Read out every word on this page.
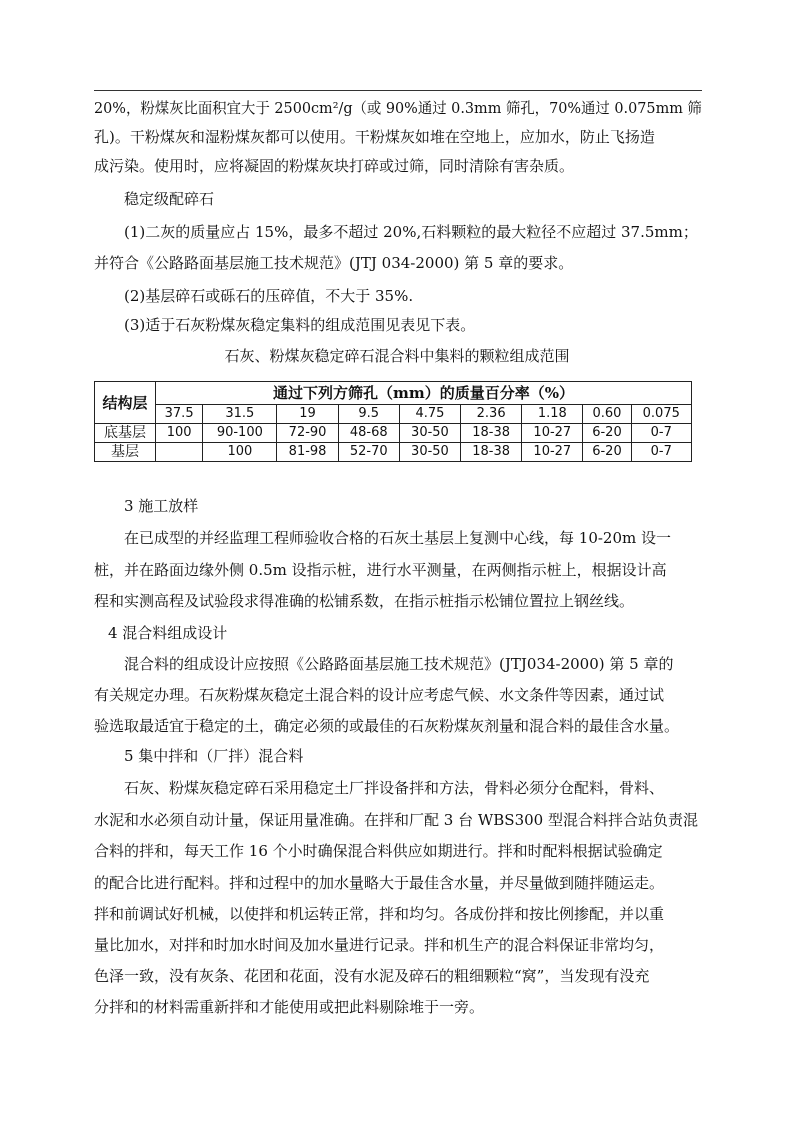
20%，粉煤灰比面积宜大于 2500cm²/g（或 90%通过 0.3mm 筛孔，70%通过 0.075mm 筛
孔)。干粉煤灰和湿粉煤灰都可以使用。干粉煤灰如堆在空地上，应加水，防止飞扬造
成污染。使用时，应将凝固的粉煤灰块打碎或过筛，同时清除有害杂质。
稳定级配碎石
(1)二灰的质量应占 15%，最多不超过 20%,石料颗粒的最大粒径不应超过 37.5mm；
并符合《公路路面基层施工技术规范》(JTJ 034-2000) 第 5 章的要求。
(2)基层碎石或砾石的压碎值，不大于 35%.
(3)适于石灰粉煤灰稳定集料的组成范围见表见下表。
石灰、粉煤灰稳定碎石混合料中集料的颗粒组成范围
结构层	通过下列方筛孔（mm）的质量百分率（%）								
	37.5	31.5	19	9.5	4.75	2.36	1.18	0.60	0.075
底基层	100	90-100	72-90	48-68	30-50	18-38	10-27	6-20	0-7
基层		100	81-98	52-70	30-50	18-38	10-27	6-20	0-7
3 施工放样
在已成型的并经监理工程师验收合格的石灰土基层上复测中心线，每 10-20m 设一
桩，并在路面边缘外侧 0.5m 设指示桩，进行水平测量，在两侧指示桩上，根据设计高
程和实测高程及试验段求得准确的松铺系数，在指示桩指示松铺位置拉上钢丝线。
4 混合料组成设计
混合料的组成设计应按照《公路路面基层施工技术规范》(JTJ034-2000) 第 5 章的
有关规定办理。石灰粉煤灰稳定土混合料的设计应考虑气候、水文条件等因素，通过试
验选取最适宜于稳定的土，确定必须的或最佳的石灰粉煤灰剂量和混合料的最佳含水量。
5 集中拌和（厂拌）混合料
石灰、粉煤灰稳定碎石采用稳定土厂拌设备拌和方法，骨料必须分仓配料，骨料、
水泥和水必须自动计量，保证用量准确。在拌和厂配 3 台 WBS300 型混合料拌合站负责混
合料的拌和，每天工作 16 个小时确保混合料供应如期进行。拌和时配料根据试验确定
的配合比进行配料。拌和过程中的加水量略大于最佳含水量，并尽量做到随拌随运走。
拌和前调试好机械，以使拌和机运转正常，拌和均匀。各成份拌和按比例掺配，并以重
量比加水，对拌和时加水时间及加水量进行记录。拌和机生产的混合料保证非常均匀，
色泽一致，没有灰条、花团和花面，没有水泥及碎石的粗细颗粒“窝”，当发现有没充
分拌和的材料需重新拌和才能使用或把此料剔除堆于一旁。
